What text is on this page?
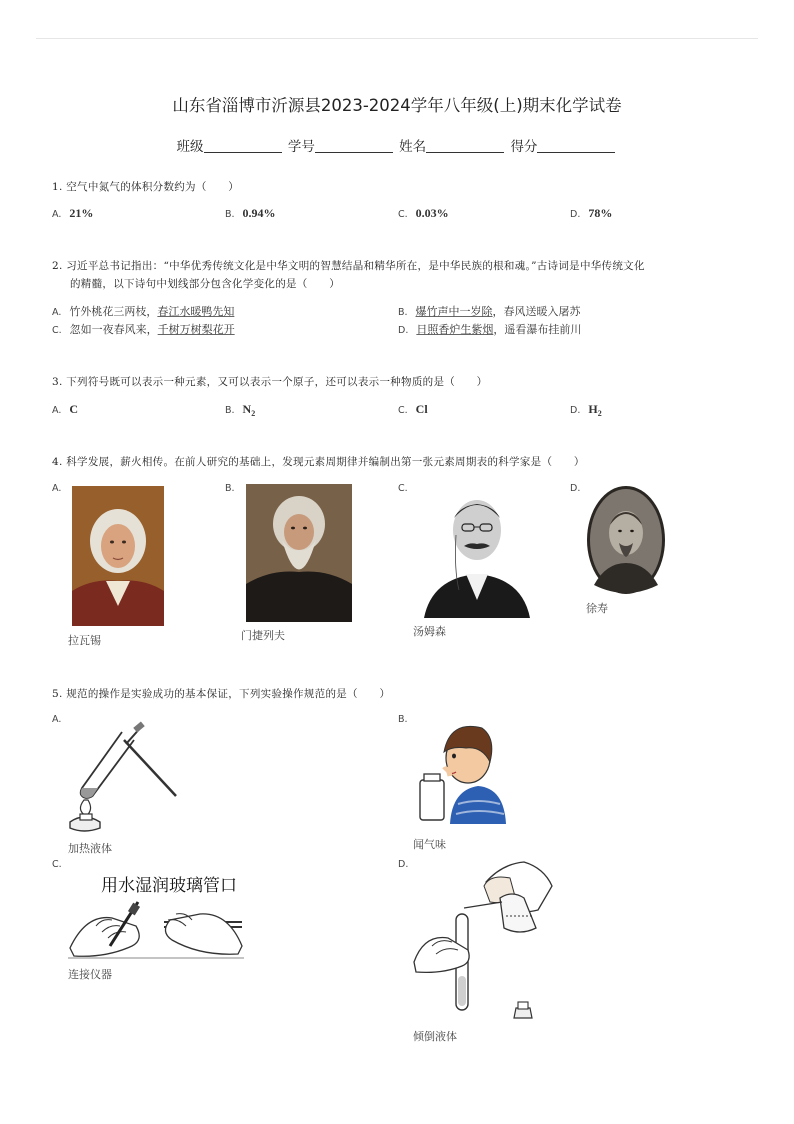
山东省淄博市沂源县2023-2024学年八年级(上)期末化学试卷
班级	学号	姓名	得分
1. 空气中氮气的体积分数约为（　　）
A. 21%	B. 0.94%	C. 0.03%	D. 78%
2. 习近平总书记指出：“中华优秀传统文化是中华文明的智慧结晶和精华所在，是中华民族的根和魂。”古诗词是中华传统文化
的精髓，以下诗句中划线部分包含化学变化的是（　　）
A. 竹外桃花三两枝，春江水暖鸭先知	B. 爆竹声中一岁除，春风送暖入屠苏
C. 忽如一夜春风来，千树万树梨花开	D. 日照香炉生紫烟，遥看瀑布挂前川
3. 下列符号既可以表示一种元素，又可以表示一个原子，还可以表示一种物质的是（　　）
A. C	B. $N_2$	C. Cl	D. $H_2$
4. 科学发展，薪火相传。在前人研究的基础上，发现元素周期律并编制出第一张元素周期表的科学家是（　　）
A.
拉瓦锡
B.
门捷列夫
C.
汤姆森
D.
徐寿
5. 规范的操作是实验成功的基本保证，下列实验操作规范的是（　　）
A.
加热液体
B.
闻气味
C.
用水湿润玻璃管口
连接仪器
D.
倾倒液体
